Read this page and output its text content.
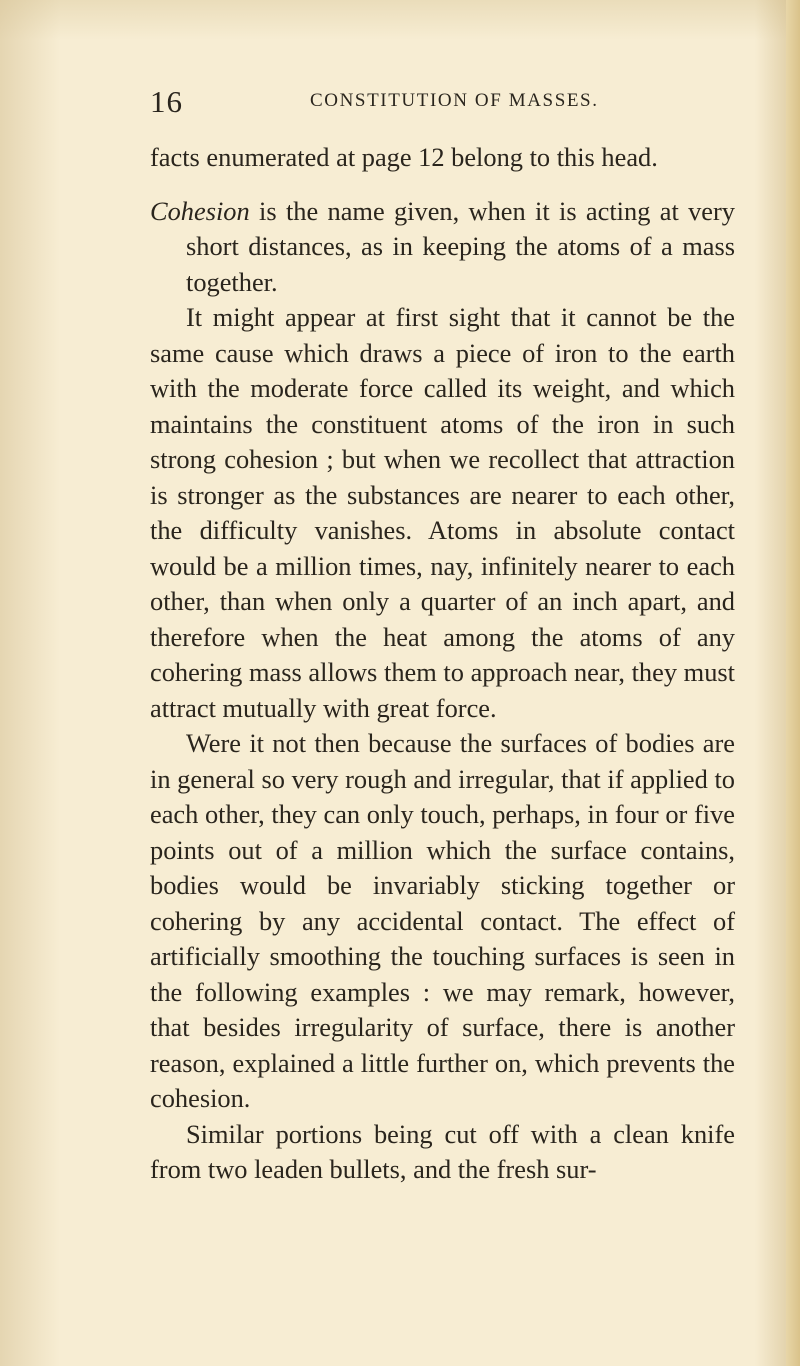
16	CONSTITUTION OF MASSES.

facts enumerated at page 12 belong to this head.

Cohesion is the name given, when it is acting at very short distances, as in keeping the atoms of a mass together.

It might appear at first sight that it cannot be the same cause which draws a piece of iron to the earth with the moderate force called its weight, and which maintains the constituent atoms of the iron in such strong cohesion ; but when we recollect that attraction is stronger as the substances are nearer to each other, the difficulty vanishes. Atoms in absolute contact would be a million times, nay, infinitely nearer to each other, than when only a quarter of an inch apart, and therefore when the heat among the atoms of any cohering mass allows them to approach near, they must attract mutually with great force.

Were it not then because the surfaces of bodies are in general so very rough and irregular, that if applied to each other, they can only touch, perhaps, in four or five points out of a million which the surface contains, bodies would be invariably sticking together or cohering by any accidental contact. The effect of artificially smoothing the touching surfaces is seen in the following examples : we may remark, however, that besides irregularity of surface, there is another reason, explained a little further on, which prevents the cohesion.

Similar portions being cut off with a clean knife from two leaden bullets, and the fresh sur-
